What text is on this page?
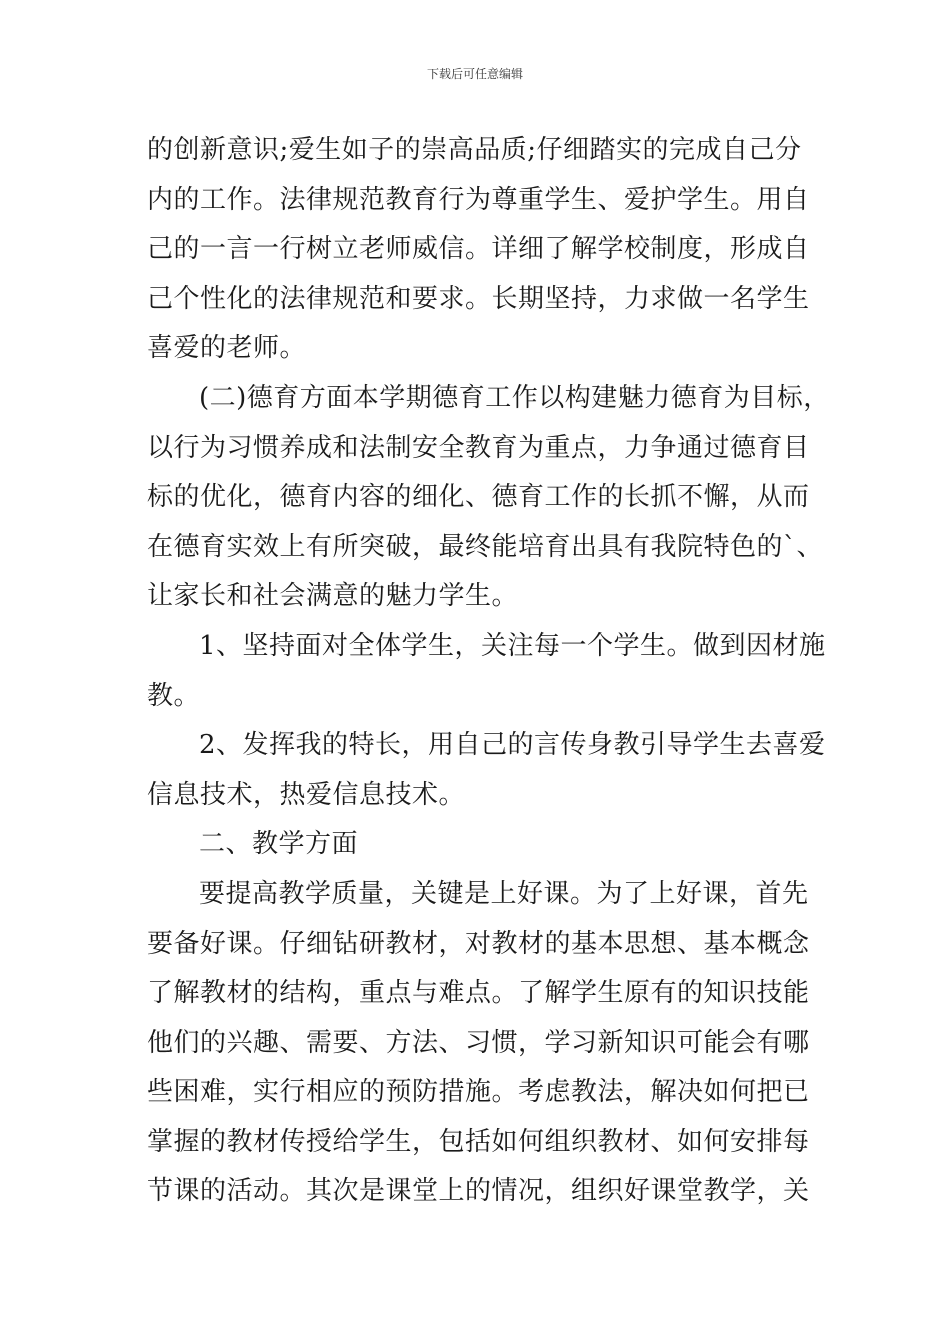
下载后可任意编辑
的创新意识;爱生如子的崇高品质;仔细踏实的完成自己分
内的工作。法律规范教育行为尊重学生、爱护学生。用自
己的一言一行树立老师威信。详细了解学校制度，形成自
己个性化的法律规范和要求。长期坚持，力求做一名学生
喜爱的老师。
(二)德育方面本学期德育工作以构建魅力德育为目标，
以行为习惯养成和法制安全教育为重点，力争通过德育目
标的优化，德育内容的细化、德育工作的长抓不懈，从而
在德育实效上有所突破，最终能培育出具有我院特色的`、
让家长和社会满意的魅力学生。
1、坚持面对全体学生，关注每一个学生。做到因材施
教。
2、发挥我的特长，用自己的言传身教引导学生去喜爱
信息技术，热爱信息技术。
二、教学方面
要提高教学质量，关键是上好课。为了上好课，首先
要备好课。仔细钻研教材，对教材的基本思想、基本概念
了解教材的结构，重点与难点。了解学生原有的知识技能
他们的兴趣、需要、方法、习惯，学习新知识可能会有哪
些困难，实行相应的预防措施。考虑教法，解决如何把已
掌握的教材传授给学生，包括如何组织教材、如何安排每
节课的活动。其次是课堂上的情况，组织好课堂教学，关
